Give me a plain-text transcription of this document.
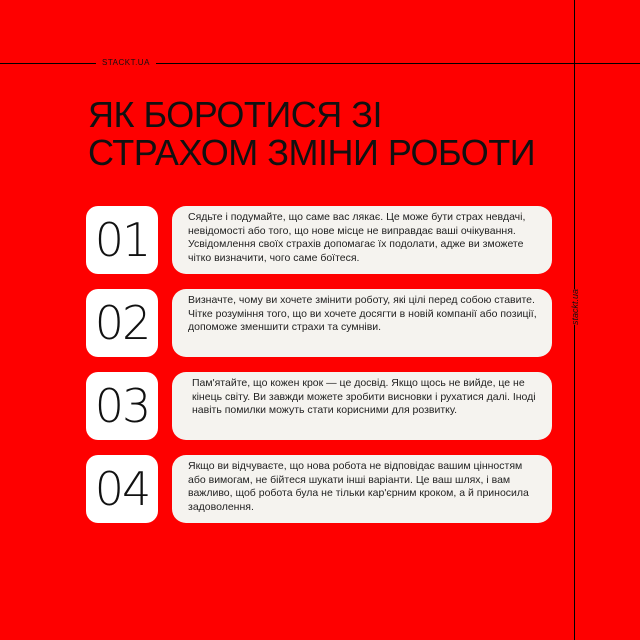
STACKT.UA
stackt.ua
ЯК БОРОТИСЯ ЗІ
СТРАХОМ ЗМІНИ РОБОТИ
01	Сядьте і подумайте, що саме вас лякає. Це може бути страх невдачі, невідомості або того, що нове місце не виправдає ваші очікування. Усвідомлення своїх страхів допомагає їх подолати, адже ви зможете чітко визначити, чого саме боїтеся.
02	Визначте, чому ви хочете змінити роботу, які цілі перед собою ставите. Чітке розуміння того, що ви хочете досягти в новій компанії або позиції, допоможе зменшити страхи та сумніви.
03	Пам'ятайте, що кожен крок — це досвід. Якщо щось не вийде, це не кінець світу. Ви завжди можете зробити висновки і рухатися далі. Іноді навіть помилки можуть стати корисними для розвитку.
04	Якщо ви відчуваєте, що нова робота не відповідає вашим цінностям або вимогам, не бійтеся шукати інші варіанти. Це ваш шлях, і вам важливо, щоб робота була не тільки кар'єрним кроком, а й приносила задоволення.
